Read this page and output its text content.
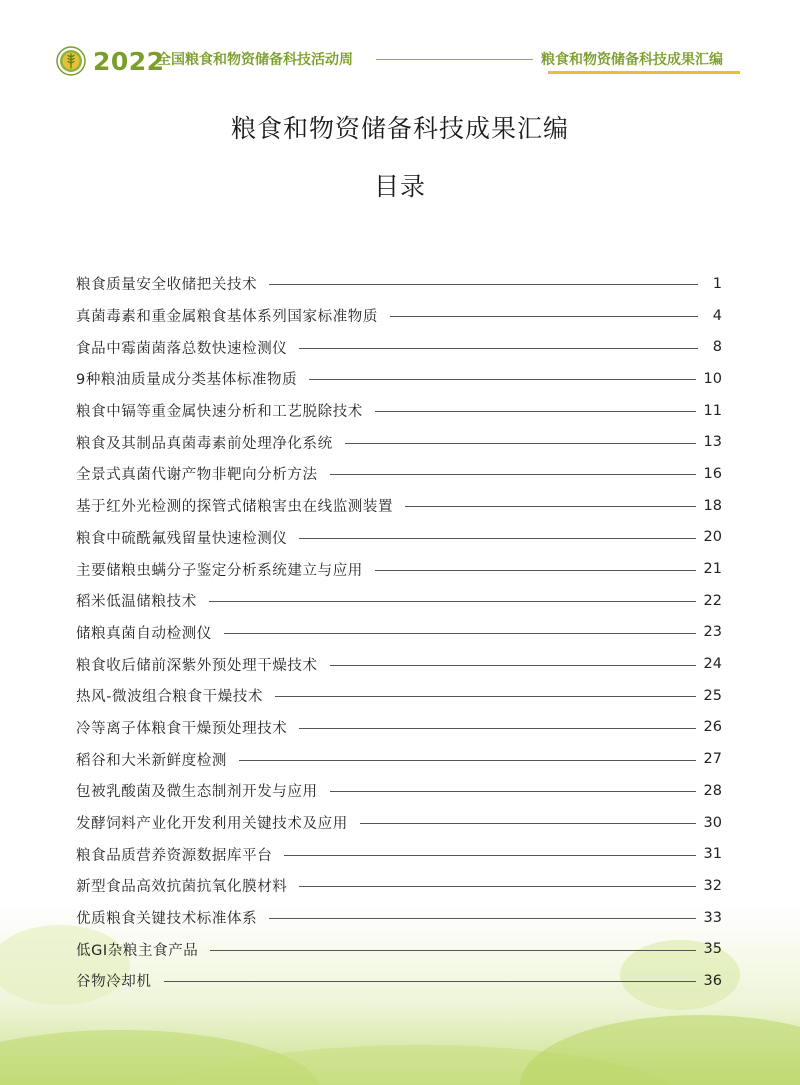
2022
全国粮食和物资储备科技活动周	粮食和物资储备科技成果汇编
粮食和物资储备科技成果汇编
目录
粮食质量安全收储把关技术	1
真菌毒素和重金属粮食基体系列国家标准物质	4
食品中霉菌菌落总数快速检测仪	8
9种粮油质量成分类基体标准物质	10
粮食中镉等重金属快速分析和工艺脱除技术	11
粮食及其制品真菌毒素前处理净化系统	13
全景式真菌代谢产物非靶向分析方法	16
基于红外光检测的探管式储粮害虫在线监测装置	18
粮食中硫酰氟残留量快速检测仪	20
主要储粮虫螨分子鉴定分析系统建立与应用	21
稻米低温储粮技术	22
储粮真菌自动检测仪	23
粮食收后储前深紫外预处理干燥技术	24
热风-微波组合粮食干燥技术	25
冷等离子体粮食干燥预处理技术	26
稻谷和大米新鲜度检测	27
包被乳酸菌及微生态制剂开发与应用	28
发酵饲料产业化开发利用关键技术及应用	30
粮食品质营养资源数据库平台	31
新型食品高效抗菌抗氧化膜材料	32
优质粮食关键技术标准体系	33
低GI杂粮主食产品	35
谷物冷却机	36
